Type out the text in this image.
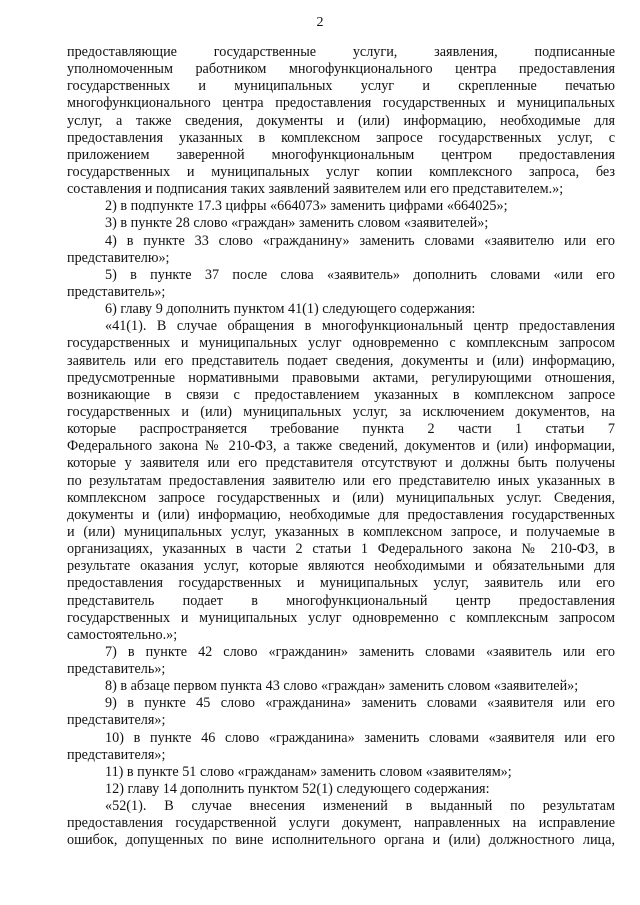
2
предоставляющие государственные услуги, заявления, подписанные
уполномоченным работником многофункционального центра предоставления
государственных и муниципальных услуг и скрепленные печатью
многофункционального центра предоставления государственных и муниципальных
услуг, а также сведения, документы и (или) информацию, необходимые для
предоставления указанных в комплексном запросе государственных услуг, с
приложением заверенной многофункциональным центром предоставления
государственных и муниципальных услуг копии комплексного запроса, без
составления и подписания таких заявлений заявителем или его представителем.»;
2) в подпункте 17.3 цифры «664073» заменить цифрами «664025»;
3) в пункте 28 слово «граждан» заменить словом «заявителей»;
4) в пункте 33 слово «гражданину» заменить словами «заявителю или его
представителю»;
5) в пункте 37 после слова «заявитель» дополнить словами «или его
представитель»;
6) главу 9 дополнить пунктом 41(1) следующего содержания:
«41(1). В случае обращения в многофункциональный центр предоставления
государственных и муниципальных услуг одновременно с комплексным запросом
заявитель или его представитель подает сведения, документы и (или) информацию,
предусмотренные нормативными правовыми актами, регулирующими отношения,
возникающие в связи с предоставлением указанных в комплексном запросе
государственных и (или) муниципальных услуг, за исключением документов, на
которые распространяется требование пункта 2 части 1 статьи 7
Федерального закона № 210-ФЗ, а также сведений, документов и (или) информации,
которые у заявителя или его представителя отсутствуют и должны быть получены
по результатам предоставления заявителю или его представителю иных указанных в
комплексном запросе государственных и (или) муниципальных услуг. Сведения,
документы и (или) информацию, необходимые для предоставления государственных
и (или) муниципальных услуг, указанных в комплексном запросе, и получаемые в
организациях, указанных в части 2 статьи 1 Федерального закона № 210-ФЗ, в
результате оказания услуг, которые являются необходимыми и обязательными для
предоставления государственных и муниципальных услуг, заявитель или его
представитель подает в многофункциональный центр предоставления
государственных и муниципальных услуг одновременно с комплексным запросом
самостоятельно.»;
7) в пункте 42 слово «гражданин» заменить словами «заявитель или его
представитель»;
8) в абзаце первом пункта 43 слово «граждан» заменить словом «заявителей»;
9) в пункте 45 слово «гражданина» заменить словами «заявителя или его
представителя»;
10) в пункте 46 слово «гражданина» заменить словами «заявителя или его
представителя»;
11) в пункте 51 слово «гражданам» заменить словом «заявителям»;
12) главу 14 дополнить пунктом 52(1) следующего содержания:
«52(1). В случае внесения изменений в выданный по результатам
предоставления государственной услуги документ, направленных на исправление
ошибок, допущенных по вине исполнительного органа и (или) должностного лица,
